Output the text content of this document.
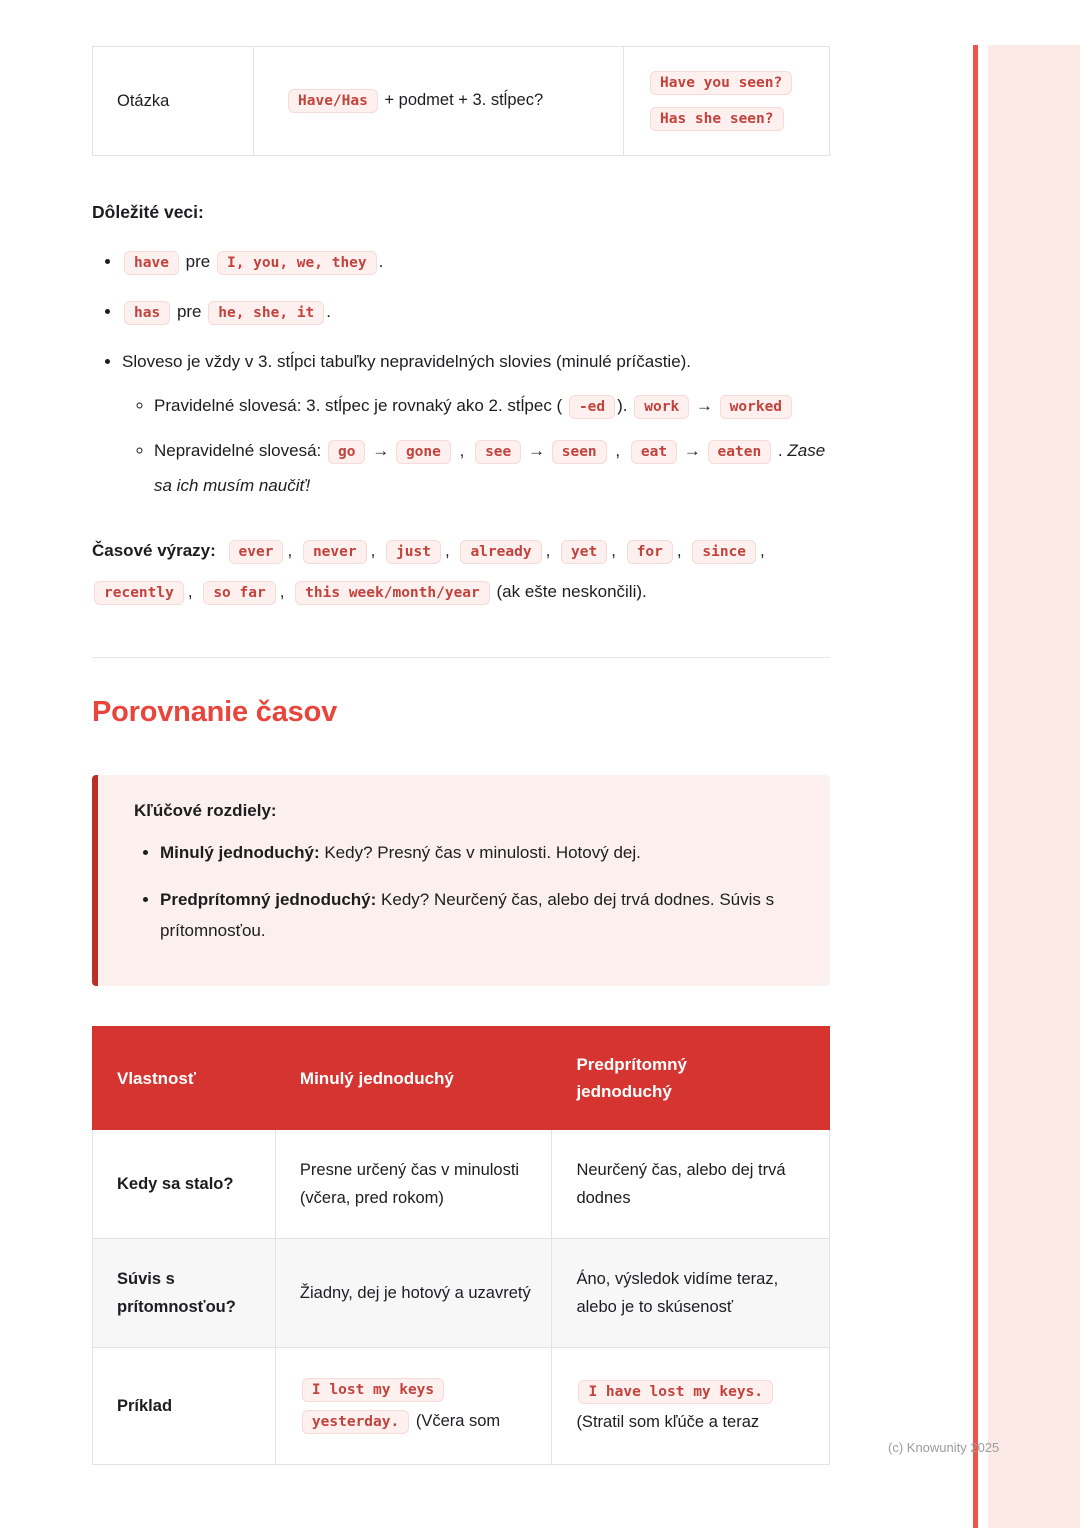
Otázka	Have/Has + podmet + 3. stĺpec?	Have you seen? Has she seen?
Dôležité veci:
• have pre I, you, we, they .
• has pre he, she, it .
• Sloveso je vždy v 3. stĺpci tabuľky nepravidelných slovies (minulé príčastie).
◦ Pravidelné slovesá: 3. stĺpec je rovnaký ako 2. stĺpec ( -ed ). work → worked
◦ Nepravidelné slovesá: go → gone , see → seen , eat → eaten . Zase sa ich musím naučiť!

Časové výrazy: ever , never , just , already , yet , for , since , recently , so far , this week/month/year (ak ešte neskončili).

Porovnanie časov
Kľúčové rozdiely:
• Minulý jednoduchý: Kedy? Presný čas v minulosti. Hotový dej.
• Predprítomný jednoduchý: Kedy? Neurčený čas, alebo dej trvá dodnes. Súvis s prítomnosťou.
Vlastnosť	Minulý jednoduchý	Predprítomný jednoduchý
Kedy sa stalo?	Presne určený čas v minulosti (včera, pred rokom)	Neurčený čas, alebo dej trvá dodnes
Súvis s prítomnosťou?	Žiadny, dej je hotový a uzavretý	Áno, výsledok vidíme teraz, alebo je to skúsenosť
Príklad	I lost my keys yesterday. (Včera som	I have lost my keys. (Stratil som kľúče a teraz
(c) Knowunity 2025
